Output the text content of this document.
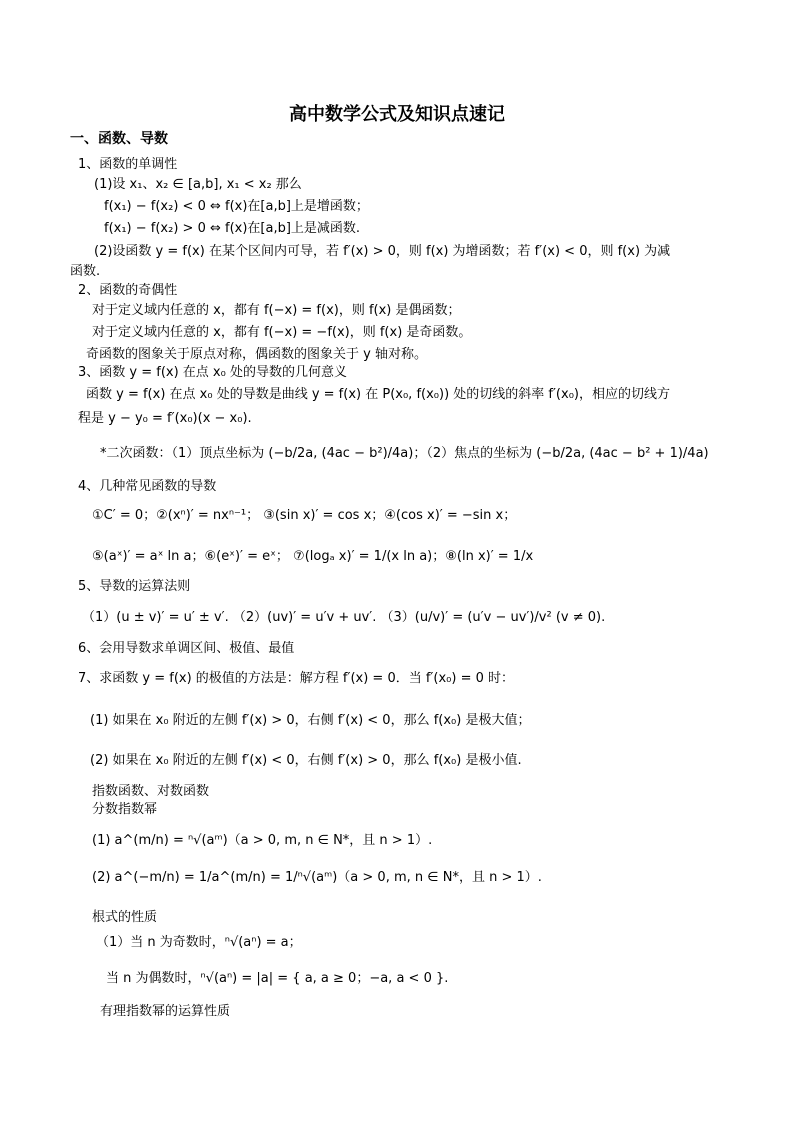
高中数学公式及知识点速记
一、函数、导数
1、函数的单调性
(1)设 x₁、x₂ ∈ [a,b], x₁ < x₂ 那么
f(x₁) − f(x₂) < 0 ⇔ f(x)在[a,b]上是增函数；
f(x₁) − f(x₂) > 0 ⇔ f(x)在[a,b]上是减函数.
(2)设函数 y = f(x) 在某个区间内可导，若 f′(x) > 0，则 f(x) 为增函数；若 f′(x) < 0，则 f(x) 为减
函数.
2、函数的奇偶性
对于定义域内任意的 x，都有 f(−x) = f(x)，则 f(x) 是偶函数；
对于定义域内任意的 x，都有 f(−x) = −f(x)，则 f(x) 是奇函数。
奇函数的图象关于原点对称，偶函数的图象关于 y 轴对称。
3、函数 y = f(x) 在点 x₀ 处的导数的几何意义
函数 y = f(x) 在点 x₀ 处的导数是曲线 y = f(x) 在 P(x₀, f(x₀)) 处的切线的斜率 f′(x₀)，相应的切线方
程是 y − y₀ = f′(x₀)(x − x₀).
*二次函数：（1）顶点坐标为 (−b/2a, (4ac − b²)/4a)；（2）焦点的坐标为 (−b/2a, (4ac − b² + 1)/4a)
4、几种常见函数的导数
①C′ = 0；②(xⁿ)′ = nxⁿ⁻¹； ③(sin x)′ = cos x；④(cos x)′ = −sin x；
⑤(aˣ)′ = aˣ ln a；⑥(eˣ)′ = eˣ； ⑦(logₐ x)′ = 1/(x ln a)；⑧(ln x)′ = 1/x
5、导数的运算法则
（1）(u ± v)′ = u′ ± v′. （2）(uv)′ = u′v + uv′. （3）(u/v)′ = (u′v − uv′)/v² (v ≠ 0).
6、会用导数求单调区间、极值、最值
7、求函数 y = f(x) 的极值的方法是：解方程 f′(x) = 0．当 f′(x₀) = 0 时：
(1) 如果在 x₀ 附近的左侧 f′(x) > 0，右侧 f′(x) < 0，那么 f(x₀) 是极大值；
(2) 如果在 x₀ 附近的左侧 f′(x) < 0，右侧 f′(x) > 0，那么 f(x₀) 是极小值.
指数函数、对数函数
分数指数幂
(1) a^(m/n) = ⁿ√(aᵐ)（a > 0, m, n ∈ N*，且 n > 1）.
(2) a^(−m/n) = 1/a^(m/n) = 1/ⁿ√(aᵐ)（a > 0, m, n ∈ N*，且 n > 1）.
根式的性质
（1）当 n 为奇数时，ⁿ√(aⁿ) = a；
当 n 为偶数时，ⁿ√(aⁿ) = |a| = { a, a ≥ 0；−a, a < 0 }.
有理指数幂的运算性质
